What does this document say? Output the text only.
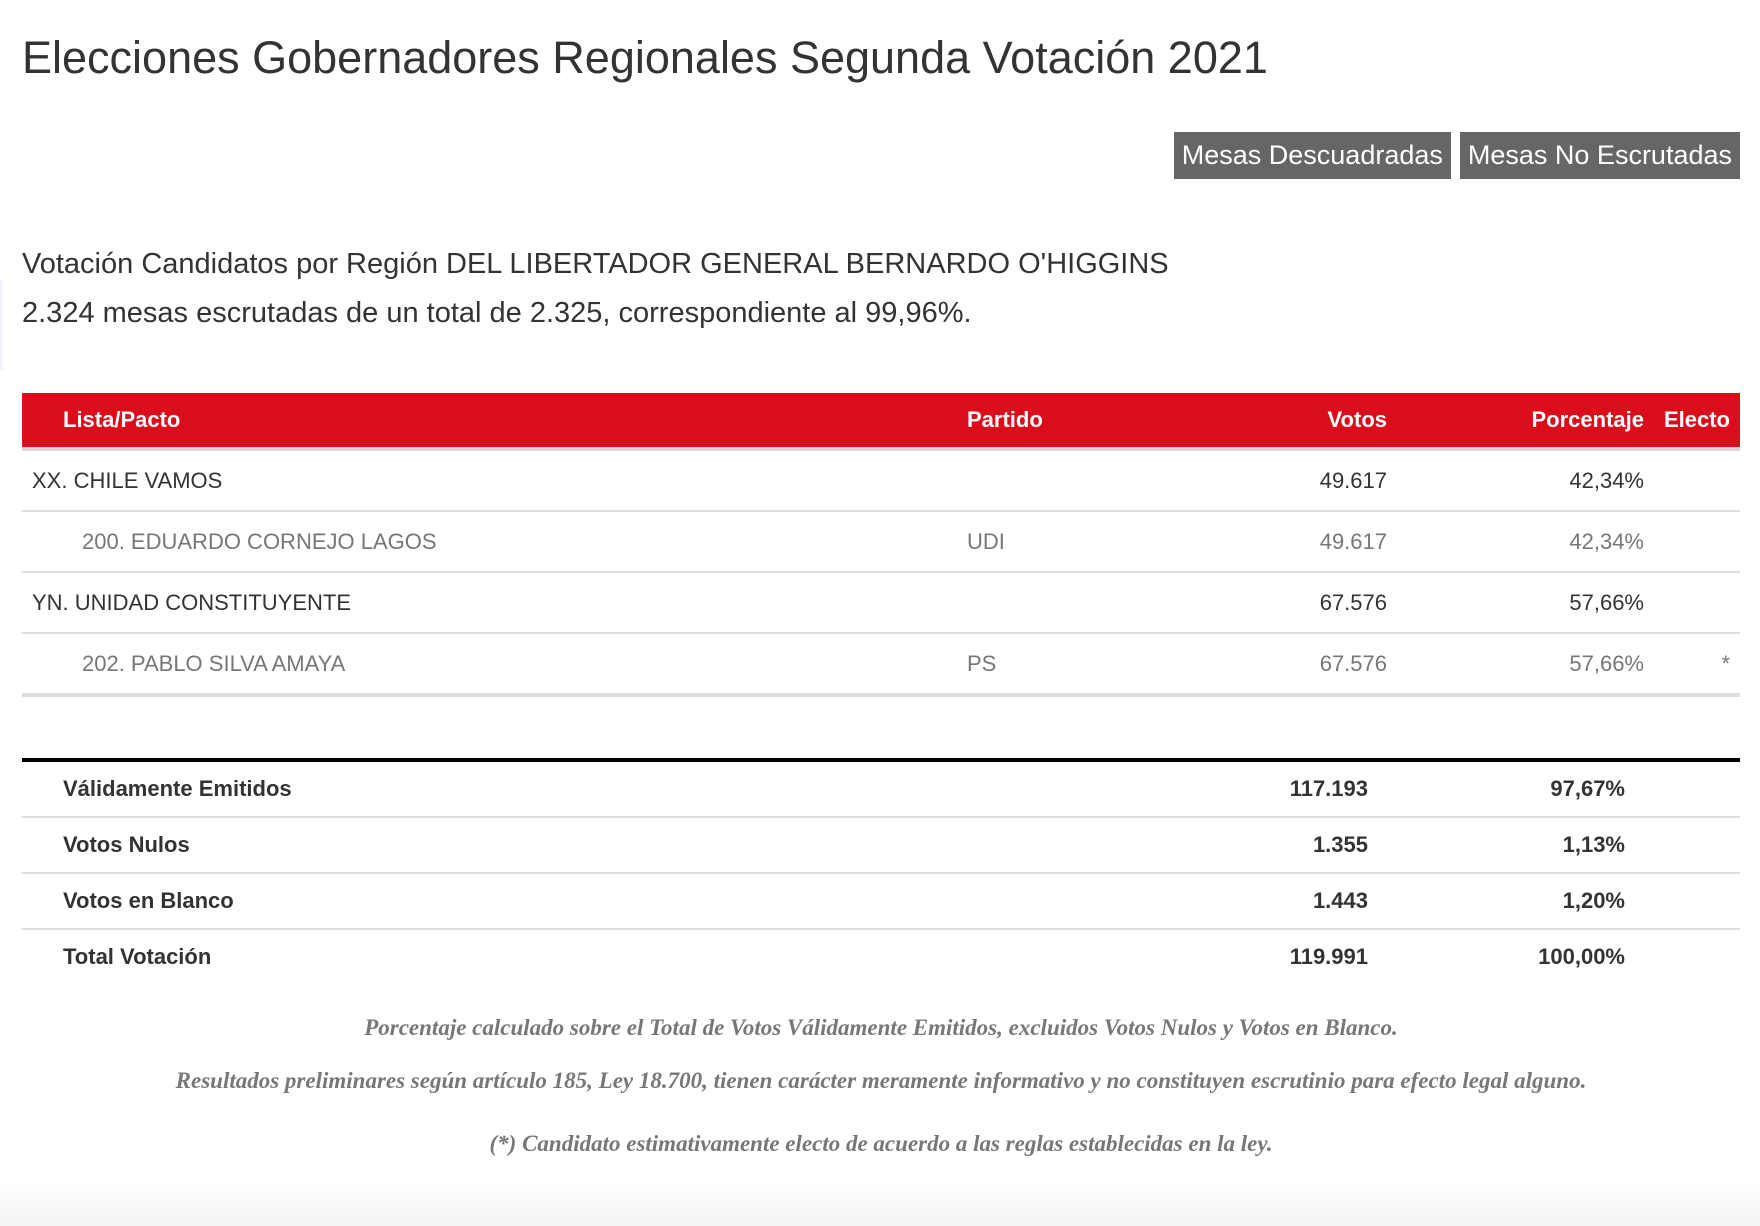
Elecciones Gobernadores Regionales Segunda Votación 2021
Mesas Descuadradas Mesas No Escrutadas
Votación Candidatos por Región DEL LIBERTADOR GENERAL BERNARDO O'HIGGINS
2.324 mesas escrutadas de un total de 2.325, correspondiente al 99,96%.
Lista/Pacto	Partido	Votos	Porcentaje	Electo
XX. CHILE VAMOS		49.617	42,34%	
200. EDUARDO CORNEJO LAGOS	UDI	49.617	42,34%	
YN. UNIDAD CONSTITUYENTE		67.576	57,66%	
202. PABLO SILVA AMAYA	PS	67.576	57,66%	*
Válidamente Emitidos		117.193	97,67%	
Votos Nulos		1.355	1,13%	
Votos en Blanco		1.443	1,20%	
Total Votación		119.991	100,00%	

Porcentaje calculado sobre el Total de Votos Válidamente Emitidos, excluidos Votos Nulos y Votos en Blanco.

Resultados preliminares según artículo 185, Ley 18.700, tienen carácter meramente informativo y no constituyen escrutinio para efecto legal alguno.

(*) Candidato estimativamente electo de acuerdo a las reglas establecidas en la ley.
